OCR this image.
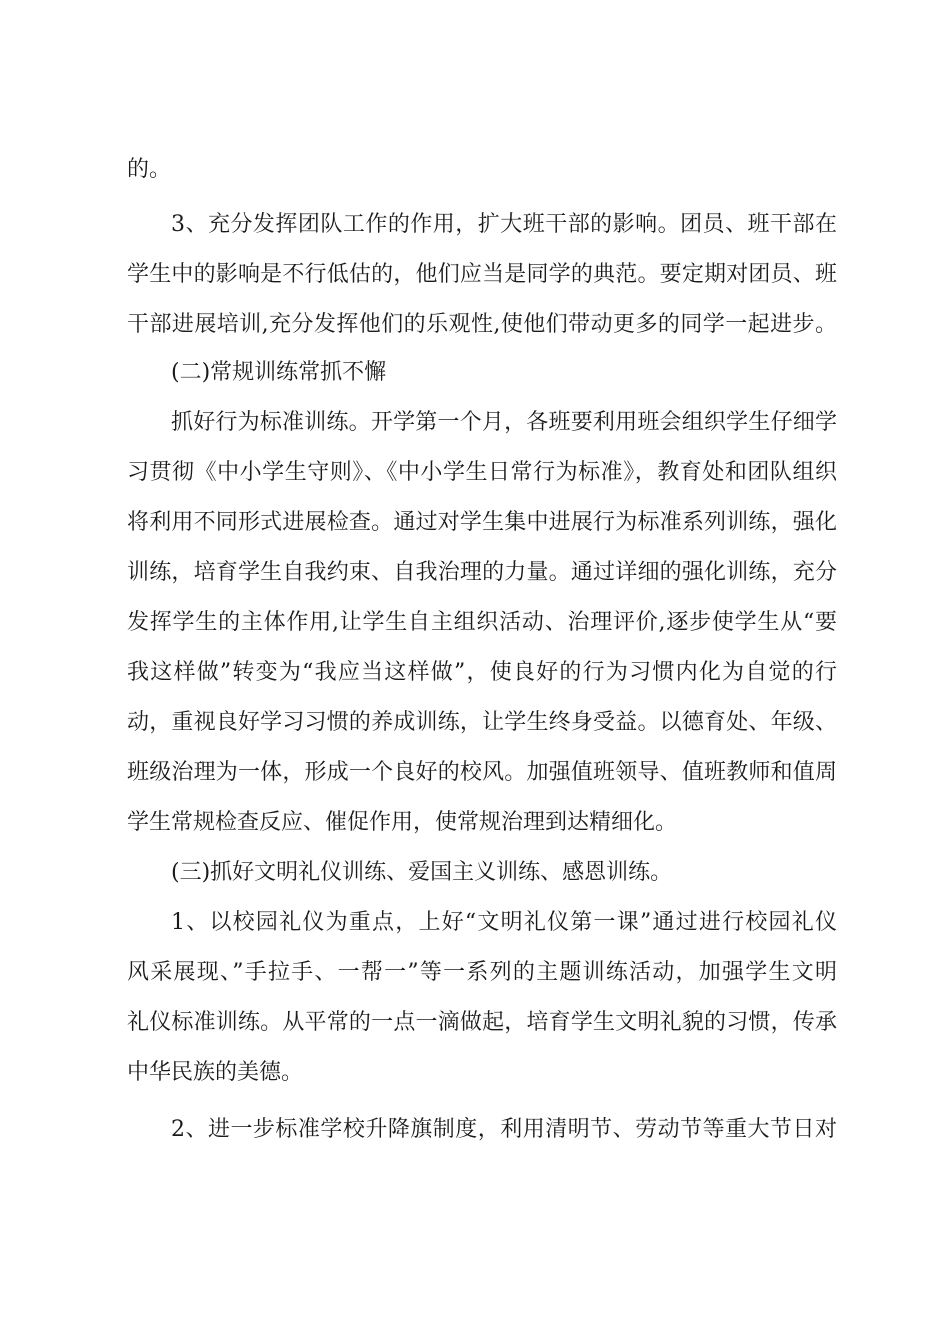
的。
3、充分发挥团队工作的作用，扩大班干部的影响。团员、班干部在
学生中的影响是不行低估的，他们应当是同学的典范。要定期对团员、班
干部进展培训,充分发挥他们的乐观性,使他们带动更多的同学一起进步。
(二)常规训练常抓不懈
抓好行为标准训练。开学第一个月，各班要利用班会组织学生仔细学
习贯彻《中小学生守则》、《中小学生日常行为标准》，教育处和团队组织
将利用不同形式进展检查。通过对学生集中进展行为标准系列训练，强化
训练，培育学生自我约束、自我治理的力量。通过详细的强化训练，充分
发挥学生的主体作用,让学生自主组织活动、治理评价,逐步使学生从“要
我这样做”转变为“我应当这样做”，使良好的行为习惯内化为自觉的行
动，重视良好学习习惯的养成训练，让学生终身受益。以德育处、年级、
班级治理为一体，形成一个良好的校风。加强值班领导、值班教师和值周
学生常规检查反应、催促作用，使常规治理到达精细化。
(三)抓好文明礼仪训练、爱国主义训练、感恩训练。
1、以校园礼仪为重点，上好“文明礼仪第一课”通过进行校园礼仪
风采展现、”手拉手、一帮一”等一系列的主题训练活动，加强学生文明
礼仪标准训练。从平常的一点一滴做起，培育学生文明礼貌的习惯，传承
中华民族的美德。
2、进一步标准学校升降旗制度，利用清明节、劳动节等重大节日对
